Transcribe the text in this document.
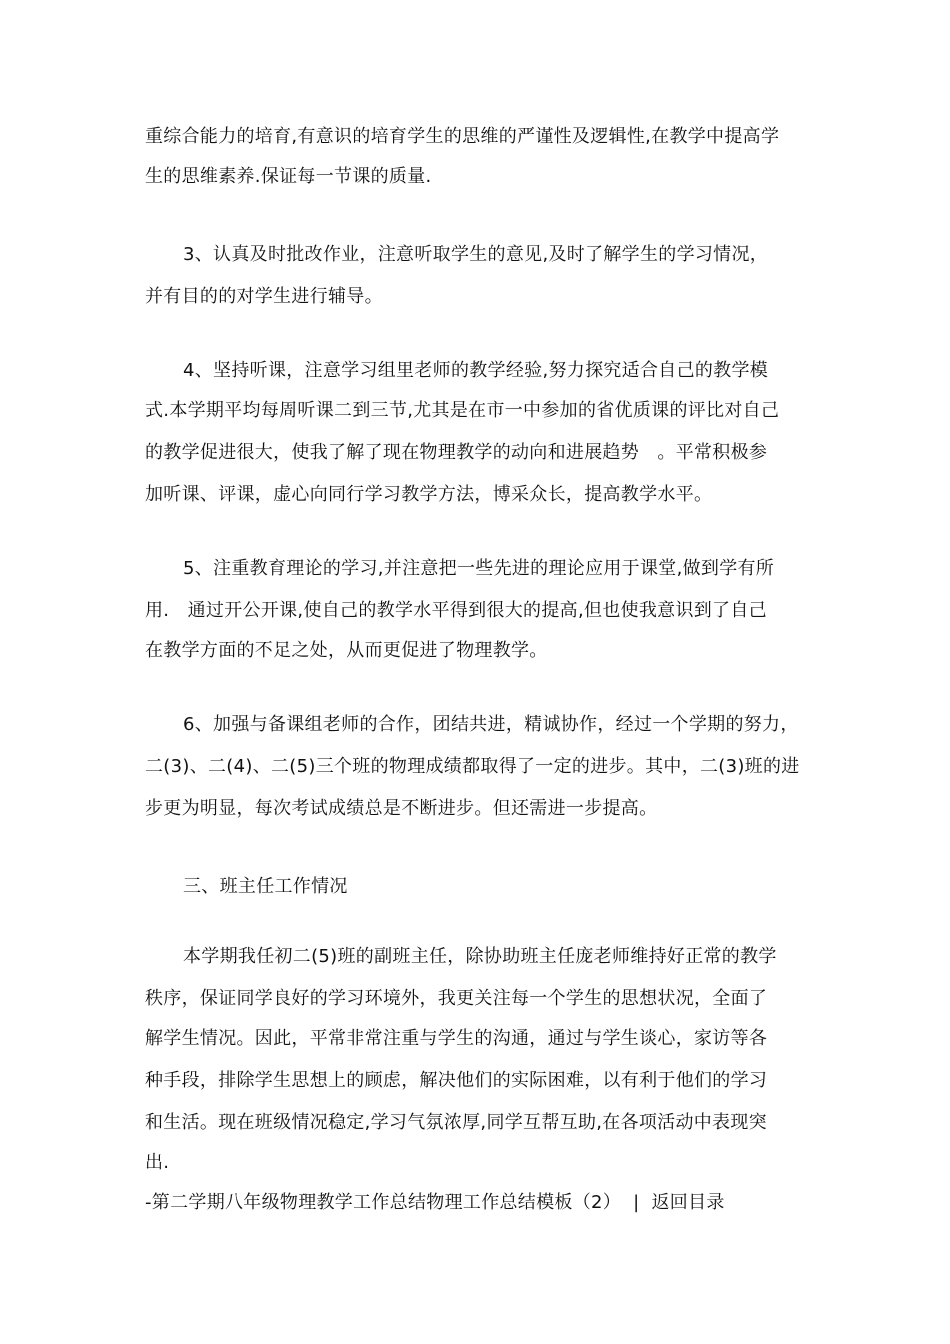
重综合能力的培育,有意识的培育学生的思维的严谨性及逻辑性,在教学中提高学
生的思维素养.保证每一节课的质量.
3、认真及时批改作业，注意听取学生的意见,及时了解学生的学习情况，
并有目的的对学生进行辅导。
4、坚持听课，注意学习组里老师的教学经验,努力探究适合自己的教学模
式.本学期平均每周听课二到三节,尤其是在市一中参加的省优质课的评比对自己
的教学促进很大，使我了解了现在物理教学的动向和进展趋势　。平常积极参
加听课、评课，虚心向同行学习教学方法，博采众长，提高教学水平。
5、注重教育理论的学习,并注意把一些先进的理论应用于课堂,做到学有所
用.　通过开公开课,使自己的教学水平得到很大的提高,但也使我意识到了自己
在教学方面的不足之处，从而更促进了物理教学。
6、加强与备课组老师的合作，团结共进，精诚协作，经过一个学期的努力，
二(3)、二(4)、二(5)三个班的物理成绩都取得了一定的进步。其中，二(3)班的进
步更为明显，每次考试成绩总是不断进步。但还需进一步提高。
三、班主任工作情况
本学期我任初二(5)班的副班主任，除协助班主任庞老师维持好正常的教学
秩序，保证同学良好的学习环境外，我更关注每一个学生的思想状况，全面了
解学生情况。因此，平常非常注重与学生的沟通，通过与学生谈心，家访等各
种手段，排除学生思想上的顾虑，解决他们的实际困难，以有利于他们的学习
和生活。现在班级情况稳定,学习气氛浓厚,同学互帮互助,在各项活动中表现突
出.
-第二学期八年级物理教学工作总结物理工作总结模板（2） | 返回目录
